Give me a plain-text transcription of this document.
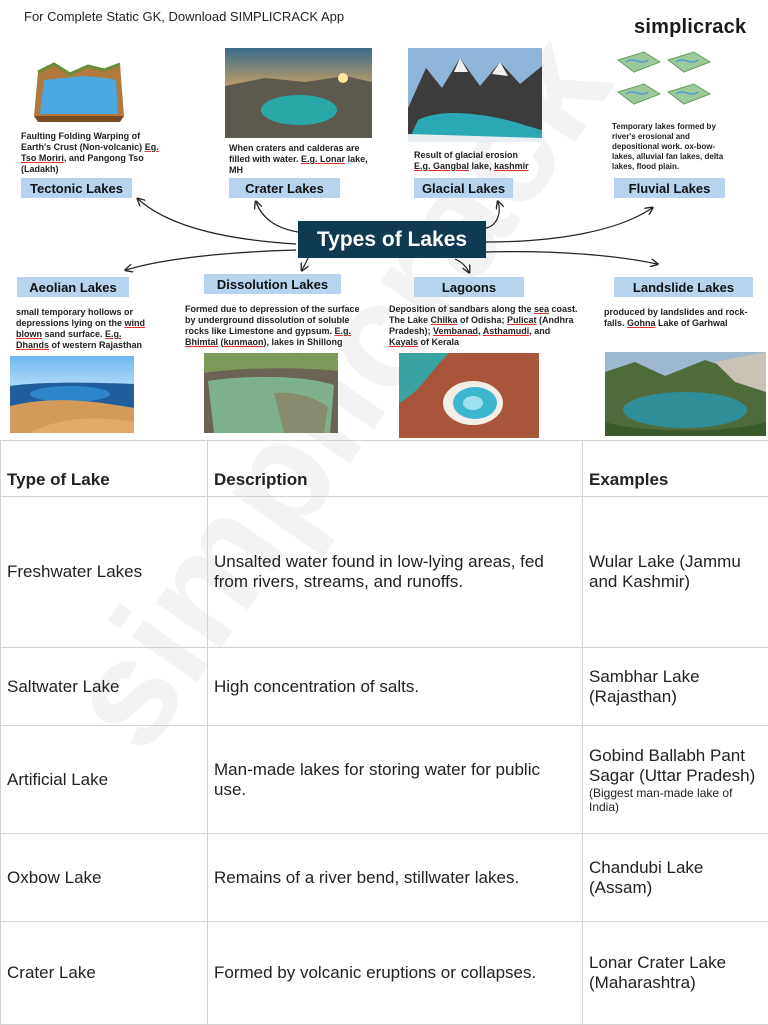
For Complete Static GK, Download SIMPLICRACK App	simplicrack
Faulting Folding Warping of Earth's Crust (Non-volcanic) Eg. Tso Moriri, and Pangong Tso (Ladakh)
Tectonic Lakes
When craters and calderas are filled with water. E.g. Lonar lake, MH
Crater Lakes
Result of glacial erosion
E.g. Gangbal lake, kashmir
Glacial Lakes
Temporary lakes formed by river's erosional and depositional work. ox-bow-lakes, alluvial fan lakes, delta lakes, flood plain.
Fluvial Lakes
Types of Lakes
Aeolian Lakes
small temporary hollows or depressions lying on the wind blown sand surface. E.g. Dhands of western Rajasthan
Dissolution Lakes
Formed due to depression of the surface by underground dissolution of soluble rocks like Limestone and gypsum. E.g. Bhimtal (kunmaon), lakes in Shillong
Lagoons
Deposition of sandbars along the sea coast. The Lake Chilka of Odisha; Pulicat (Andhra Pradesh); Vembanad, Asthamudi, and Kayals of Kerala
Landslide Lakes
produced by landslides and rock-falls. Gohna Lake of Garhwal
Type of Lake	Description	Examples
Freshwater Lakes	Unsalted water found in low-lying areas, fed from rivers, streams, and runoffs.	Wular Lake (Jammu and Kashmir)
Saltwater Lake	High concentration of salts.	Sambhar Lake (Rajasthan)
Artificial Lake	Man-made lakes for storing water for public use.	Gobind Ballabh Pant Sagar (Uttar Pradesh)
(Biggest man-made lake of India)

Oxbow Lake	Remains of a river bend, stillwater lakes.	Chandubi Lake (Assam)
Crater Lake	Formed by volcanic eruptions or collapses.	Lonar Crater Lake (Maharashtra)
